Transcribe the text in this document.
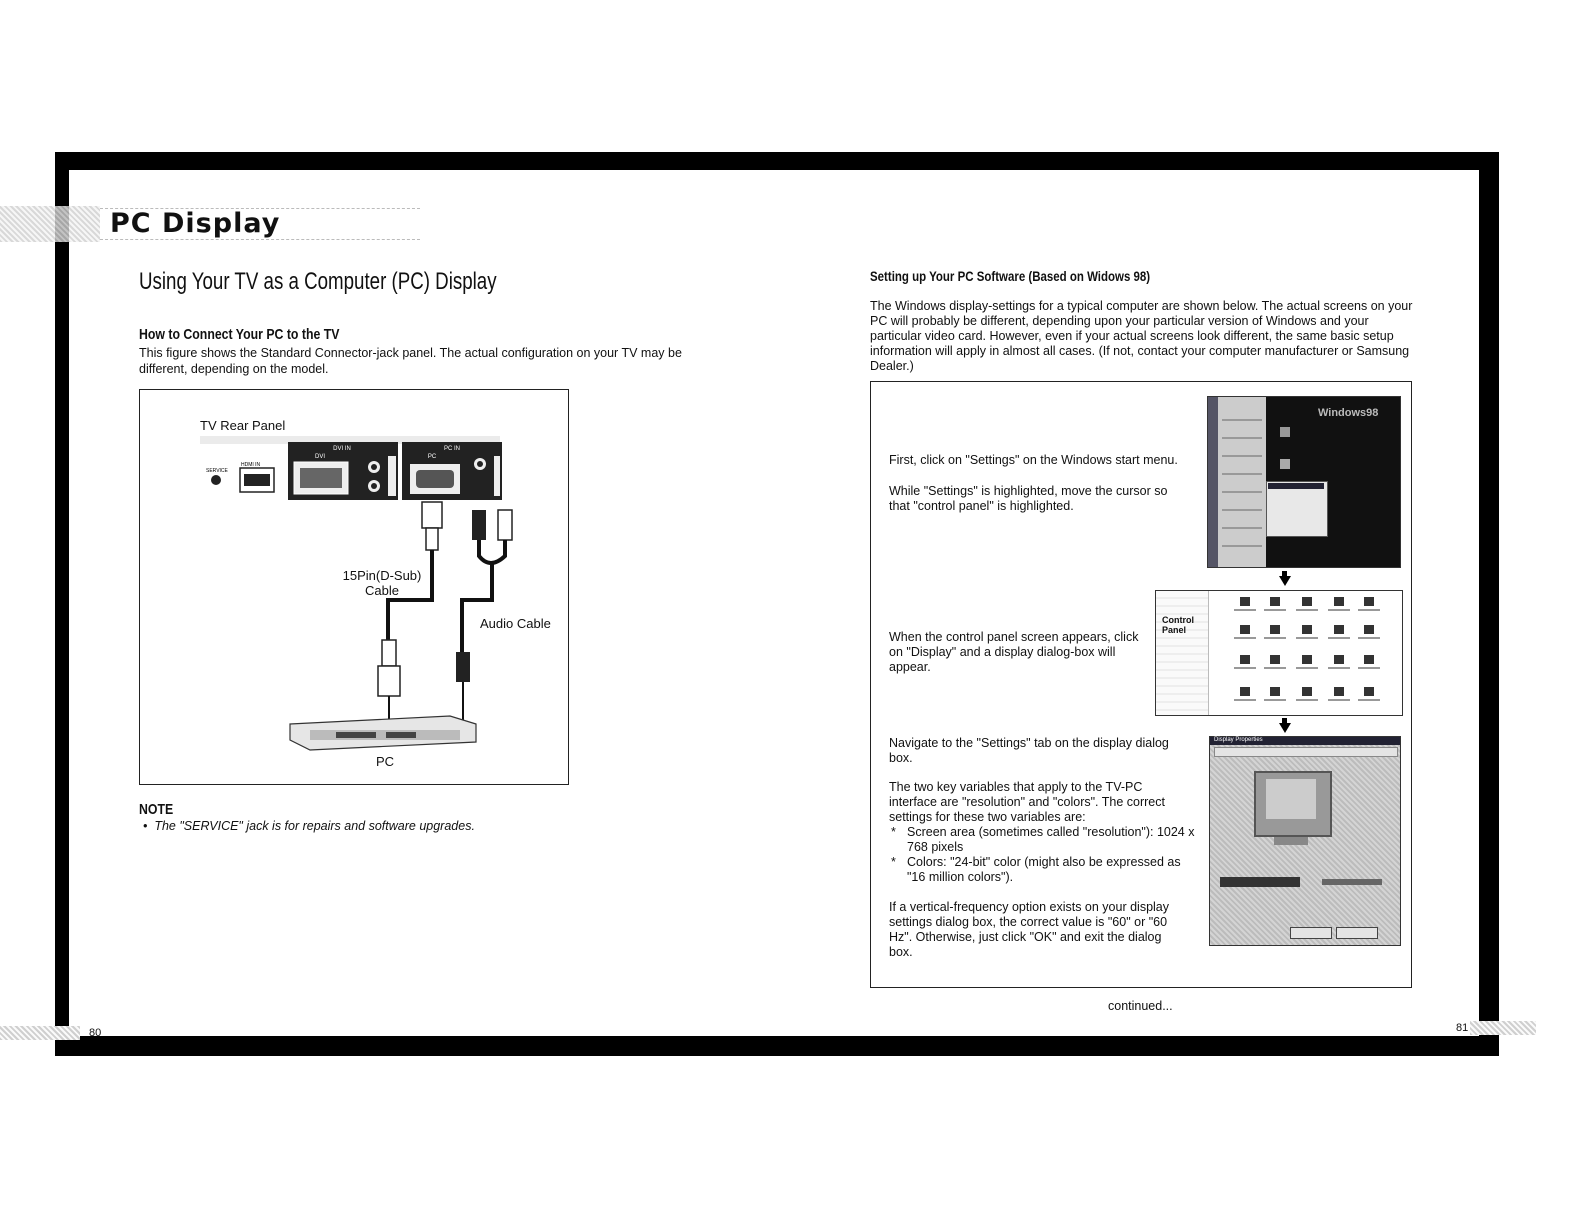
PC Display
Using Your TV as a Computer (PC) Display
How to Connect Your PC to the TV
This figure shows the Standard Connector-jack panel. The actual configuration on your TV may be
different, depending on the model.
TV Rear Panel
SERVICE
HDMI IN
DVI IN
DVI
PC IN
PC
15Pin(D-Sub)
Cable
Audio Cable
PC
NOTE
•  The "SERVICE" jack is for repairs and software upgrades.
80
Setting up Your PC Software (Based on Widows 98)
The Windows display-settings for a typical computer are shown below. The actual screens on your
PC will probably be different, depending upon your particular version of Windows and your
particular video card. However, even if your actual screens look different, the same basic setup
information will apply in almost all cases. (If not, contact your computer manufacturer or Samsung
Dealer.)
First, click on "Settings" on the Windows start menu.
While "Settings" is highlighted, move the cursor so that "control panel" is highlighted.
When the control panel screen appears, click on "Display" and a display dialog-box will appear.
Navigate to the "Settings" tab on the display dialog box.
The two key variables that apply to the TV-PC interface are "resolution" and "colors". The correct settings for these two variables are:
* Screen area (sometimes called "resolution"): 1024 x 768 pixels
* Colors: "24-bit" color (might also be expressed as "16 million colors").
If a vertical-frequency option exists on your display settings dialog box, the correct value is "60" or "60 Hz". Otherwise, just click "OK" and exit the dialog box.
Windows98
Control Panel
Display Properties
continued...
81
